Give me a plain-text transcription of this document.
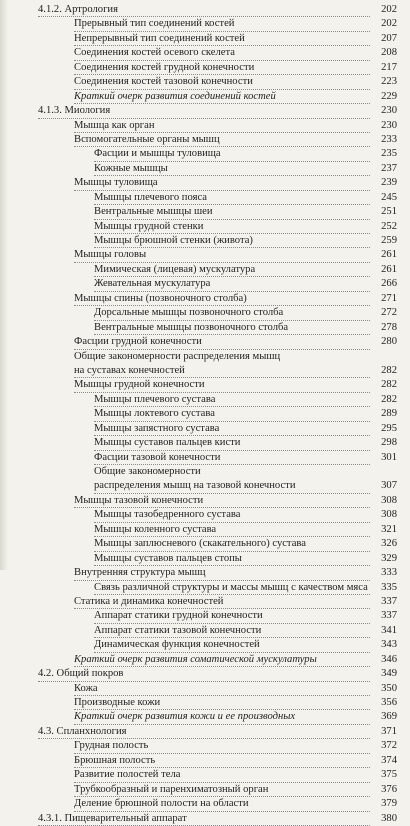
4.1.2. Артрология	202
Прерывный тип соединений костей	202
Непрерывный тип соединений костей	207
Соединения костей осевого скелета	208
Соединения костей грудной конечности	217
Соединения костей тазовой конечности	223
Краткий очерк развития соединений костей	229
4.1.3. Миология	230
Мышца как орган	230
Вспомогательные органы мышц	233
Фасции и мышцы туловища	235
Кожные мышцы	237
Мышцы туловища	239
Мышцы плечевого пояса	245
Вентральные мышцы шеи	251
Мышцы грудной стенки	252
Мышцы брюшной стенки (живота)	259
Мышцы головы	261
Мимическая (лицевая) мускулатура	261
Жевательная мускулатура	266
Мышцы спины (позвоночного столба)	271
Дорсальные мышцы позвоночного столба	272
Вентральные мышцы позвоночного столба	278
Фасции грудной конечности	280
Общие закономерности распределения мышц
на суставах конечностей	282
Мышцы грудной конечности	282
Мышцы плечевого сустава	282
Мышцы локтевого сустава	289
Мышцы запястного сустава	295
Мышцы суставов пальцев кисти	298
Фасции тазовой конечности	301
Общие закономерности
распределения мышц на тазовой конечности	307
Мышцы тазовой конечности	308
Мышцы тазобедренного сустава	308
Мышцы коленного сустава	321
Мышцы заплюсневого (скакательного) сустава	326
Мышцы суставов пальцев стопы	329
Внутренняя структура мышц	333
Связь различной структуры и массы мышц с качеством мяса	335
Статика и динамика конечностей	337
Аппарат статики грудной конечности	337
Аппарат статики тазовой конечности	341
Динамическая функция конечностей	343
Краткий очерк развития соматической мускулатуры	346
4.2. Общий покров	349
Кожа	350
Производные кожи	356
Краткий очерк развития кожи и ее производных	369
4.3. Спланхнология	371
Грудная полость	372
Брюшная полость	374
Развитие полостей тела	375
Трубкообразный и паренхиматозный орган	376
Деление брюшной полости на области	379
4.3.1. Пищеварительный аппарат	380
